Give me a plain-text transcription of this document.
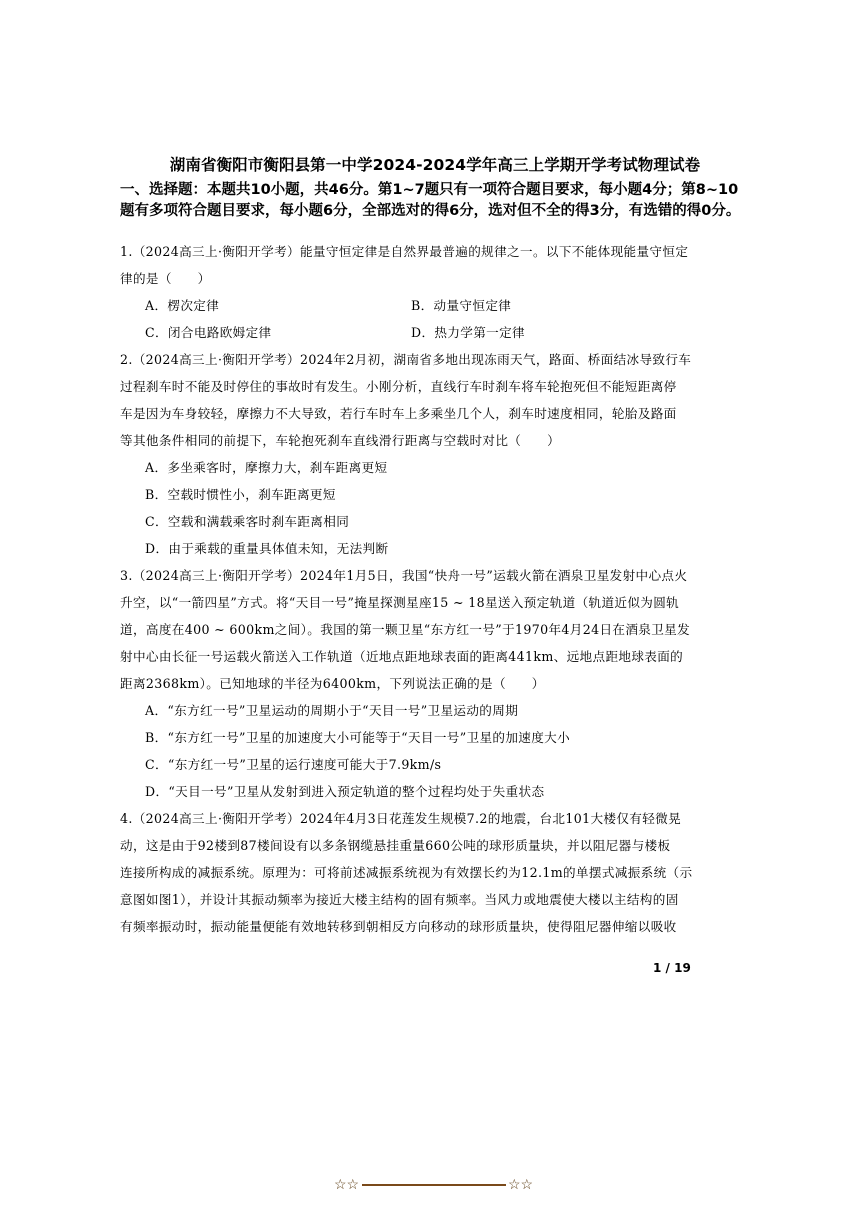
湖南省衡阳市衡阳县第一中学2024-2024学年高三上学期开学考试物理试卷
一、选择题：本题共10小题，共46分。第1~7题只有一项符合题目要求，每小题4分；第8~10题有多项符合题目要求，每小题6分，全部选对的得6分，选对但不全的得3分，有选错的得0分。
1.（2024高三上·衡阳开学考）能量守恒定律是自然界最普遍的规律之一。以下不能体现能量守恒定
律的是（　　）
A．楞次定律	B．动量守恒定律
C．闭合电路欧姆定律	D．热力学第一定律
2.（2024高三上·衡阳开学考）2024年2月初，湖南省多地出现冻雨天气，路面、桥面结冰导致行车
过程刹车时不能及时停住的事故时有发生。小刚分析，直线行车时刹车将车轮抱死但不能短距离停
车是因为车身较轻，摩擦力不大导致，若行车时车上多乘坐几个人，刹车时速度相同，轮胎及路面
等其他条件相同的前提下，车轮抱死刹车直线滑行距离与空载时对比（　　）
A．多坐乘客时，摩擦力大，刹车距离更短
B．空载时惯性小，刹车距离更短
C．空载和满载乘客时刹车距离相同
D．由于乘载的重量具体值未知，无法判断
3.（2024高三上·衡阳开学考）2024年1月5日，我国“快舟一号”运载火箭在酒泉卫星发射中心点火
升空，以“一箭四星”方式。将“天目一号”掩星探测星座15 ~ 18星送入预定轨道（轨道近似为圆轨
道，高度在400 ~ 600km之间）。我国的第一颗卫星“东方红一号”于1970年4月24日在酒泉卫星发
射中心由长征一号运载火箭送入工作轨道（近地点距地球表面的距离441km、远地点距地球表面的
距离2368km）。已知地球的半径为6400km，下列说法正确的是（　　）
A．“东方红一号”卫星运动的周期小于“天目一号”卫星运动的周期
B．“东方红一号”卫星的加速度大小可能等于“天目一号”卫星的加速度大小
C．“东方红一号”卫星的运行速度可能大于7.9km/s
D．“天目一号”卫星从发射到进入预定轨道的整个过程均处于失重状态
4.（2024高三上·衡阳开学考）2024年4月3日花莲发生规模7.2的地震，台北101大楼仅有轻微晃
动，这是由于92楼到87楼间设有以多条钢缆悬挂重量660公吨的球形质量块，并以阻尼器与楼板
连接所构成的减振系统。原理为：可将前述减振系统视为有效摆长约为12.1m的单摆式减振系统（示
意图如图1），并设计其振动频率为接近大楼主结构的固有频率。当风力或地震使大楼以主结构的固
有频率振动时，振动能量便能有效地转移到朝相反方向移动的球形质量块，使得阻尼器伸缩以吸收
1 / 19
☆☆	☆☆
